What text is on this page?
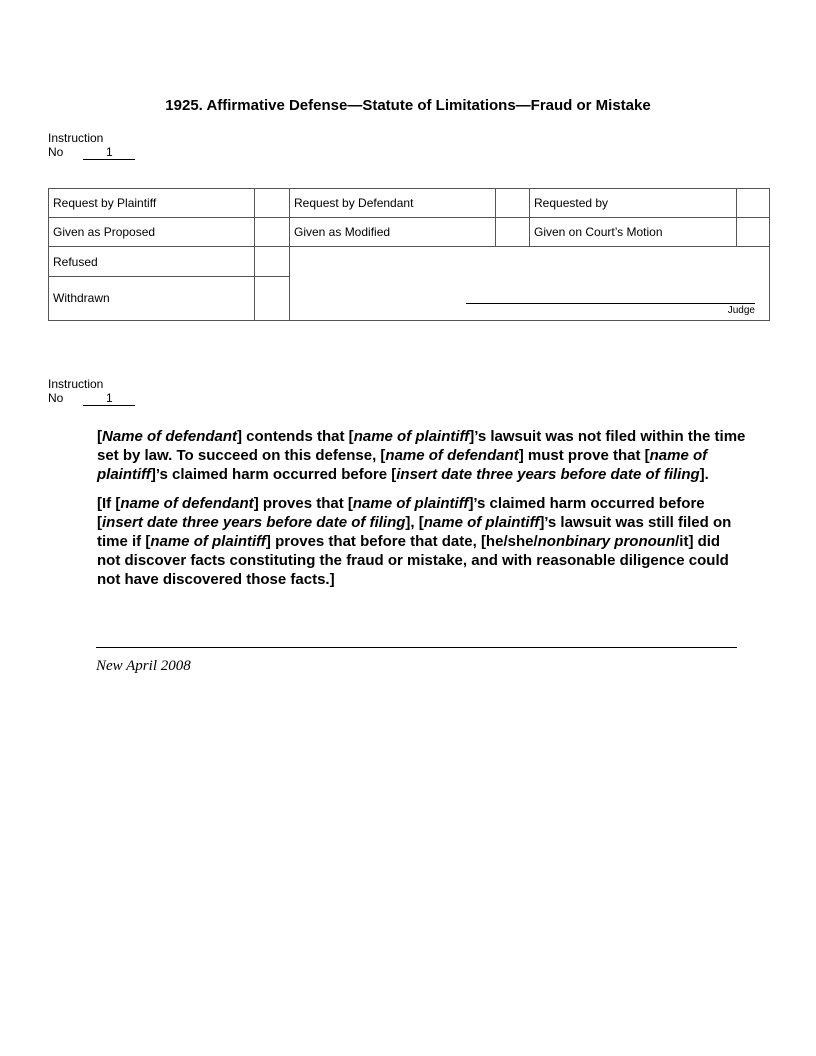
1925. Affirmative Defense—Statute of Limitations—Fraud or Mistake
Instruction
No	1
Request by Plaintiff		Request by Defendant		Requested by	
Given as Proposed		Given as Modified		Given on Court’s Motion	
Refused		Judge			

Withdrawn					
Instruction
No	1

[Name of defendant] contends that [name of plaintiff]’s lawsuit was not filed within the time set by law. To succeed on this defense, [name of defendant] must prove that [name of plaintiff]’s claimed harm occurred before [insert date three years before date of filing].

[If [name of defendant] proves that [name of plaintiff]’s claimed harm occurred before [insert date three years before date of filing], [name of plaintiff]’s lawsuit was still filed on time if [name of plaintiff] proves that before that date, [he/she/nonbinary pronoun/it] did not discover facts constituting the fraud or mistake, and with reasonable diligence could not have discovered those facts.]

New April 2008
